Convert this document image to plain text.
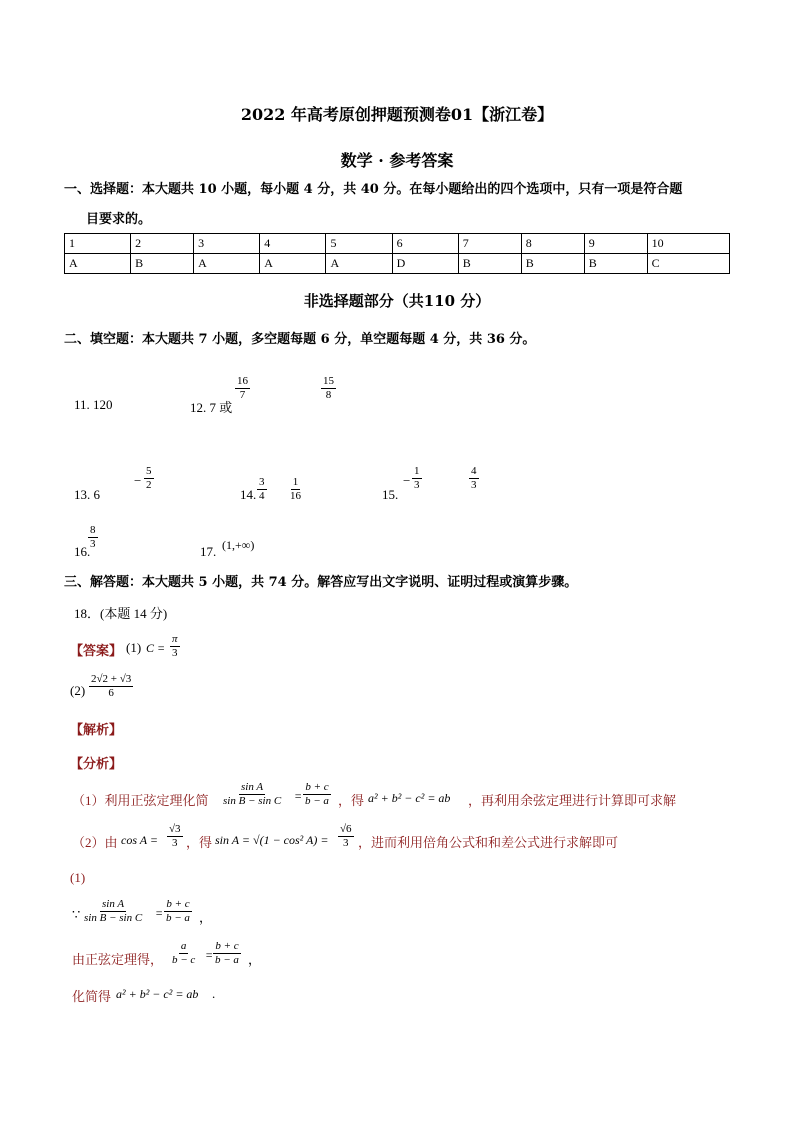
2022 年高考原创押题预测卷01【浙江卷】
数学 · 参考答案
一、选择题：本大题共 10 小题，每小题 4 分，共 40 分。在每小题给出的四个选项中，只有一项是符合题
目要求的。
1	2	3	4	5	6	7	8	9	10
A	B	A	A	A	D	B	B	B	C
非选择题部分（共110 分）
二、填空题：本大题共 7 小题，多空题每题 6 分，单空题每题 4 分，共 36 分。
11. 120	12. 7 或
$\frac{16}{7}$	$\frac{15}{8}$
13. 6
− $\frac{5}{2}$
14. $\frac{3}{4} \frac{1}{16}$	15.
− $\frac{1}{3}$	$\frac{4}{3}$
16.
$\frac{8}{3}$
17. (1,+∞)
三、解答题：本大题共 5 小题，共 74 分。解答应写出文字说明、证明过程或演算步骤。
18．(本题 14 分)
【答案】 (1) $C = \frac{\pi}{3}$
$(2) \frac{2√2 + √3}{6}$
【解析】
【分析】
（1）利用正弦定理化简 $\frac{\text{sin A}}{\text{sin B − sin C}} = \frac{b + c}{b - a}$ ，得 a² + b² − c² = ab ，再利用余弦定理进行计算即可求解
（2）由 $\cos A = \frac{√3}{3}$ ，得 sin A = √(1 − cos² $A) = \frac{√6}{3}$ ，进而利用倍角公式和和差公式进行求解即可
(1)
∵ $\frac{\text{sin A}}{\text{sin B − sin C}} = \frac{b + c}{b - a}$ ，
由正弦定理得， $\frac{a}{b - c} = \frac{b + c}{b - a}$ ，
化简得 a² + b² − c² = ab .
